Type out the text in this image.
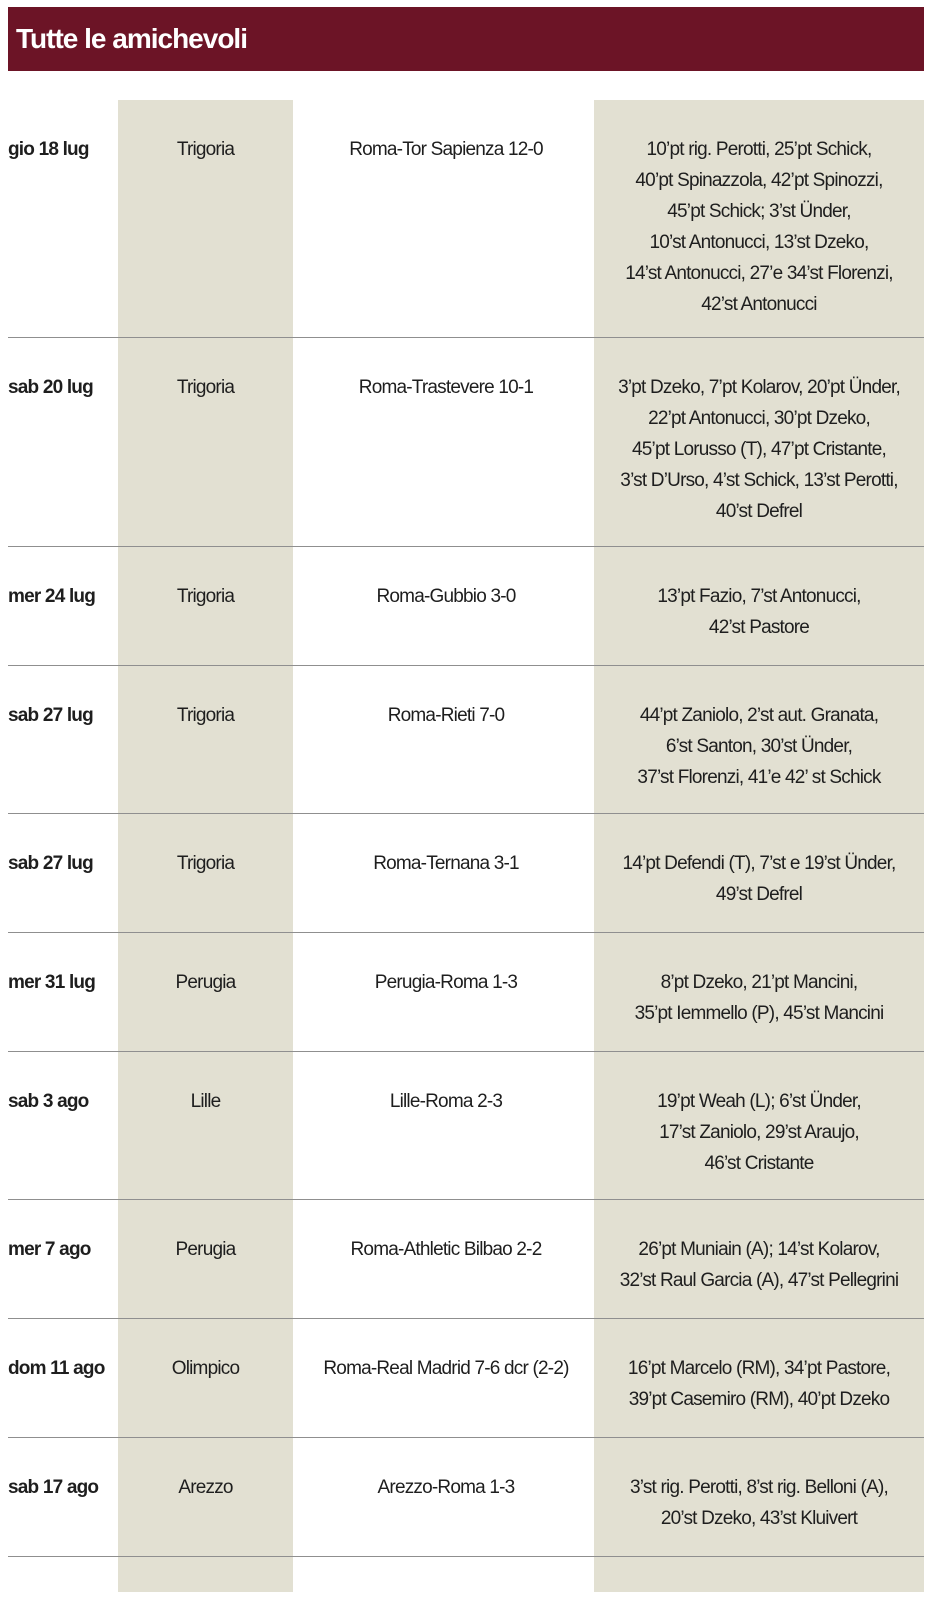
Tutte le amichevoli
gio 18 lug	Trigoria	Roma-Tor Sapienza 12-0	10’pt rig. Perotti, 25’pt Schick,
40’pt Spinazzola, 42’pt Spinozzi,
45’pt Schick; 3’st Ünder,
10’st Antonucci, 13’st Dzeko,
14’st Antonucci, 27’e 34’st Florenzi,
42’st Antonucci
sab 20 lug	Trigoria	Roma-Trastevere 10-1	3’pt Dzeko, 7’pt Kolarov, 20’pt Ünder,
22’pt Antonucci, 30’pt Dzeko,
45’pt Lorusso (T), 47’pt Cristante,
3’st D’Urso, 4’st Schick, 13’st Perotti,
40’st Defrel
mer 24 lug	Trigoria	Roma-Gubbio 3-0	13’pt Fazio, 7’st Antonucci,
42’st Pastore
sab 27 lug	Trigoria	Roma-Rieti 7-0	44’pt Zaniolo, 2’st aut. Granata,
6’st Santon, 30’st Ünder,
37’st Florenzi, 41’e 42’ st Schick
sab 27 lug	Trigoria	Roma-Ternana 3-1	14’pt Defendi (T), 7’st e 19’st Ünder,
49’st Defrel
mer 31 lug	Perugia	Perugia-Roma 1-3	8’pt Dzeko, 21’pt Mancini,
35’pt Iemmello (P), 45’st Mancini
sab 3 ago	Lille	Lille-Roma 2-3	19’pt Weah (L); 6’st Ünder,
17’st Zaniolo, 29’st Araujo,
46’st Cristante
mer 7 ago	Perugia	Roma-Athletic Bilbao 2-2	26’pt Muniain (A); 14’st Kolarov,
32’st Raul Garcia (A), 47’st Pellegrini
dom 11 ago	Olimpico	Roma-Real Madrid 7-6 dcr (2-2)	16’pt Marcelo (RM), 34’pt Pastore,
39’pt Casemiro (RM), 40’pt Dzeko
sab 17 ago	Arezzo	Arezzo-Roma 1-3	3’st rig. Perotti, 8’st rig. Belloni (A),
20’st Dzeko, 43’st Kluivert
